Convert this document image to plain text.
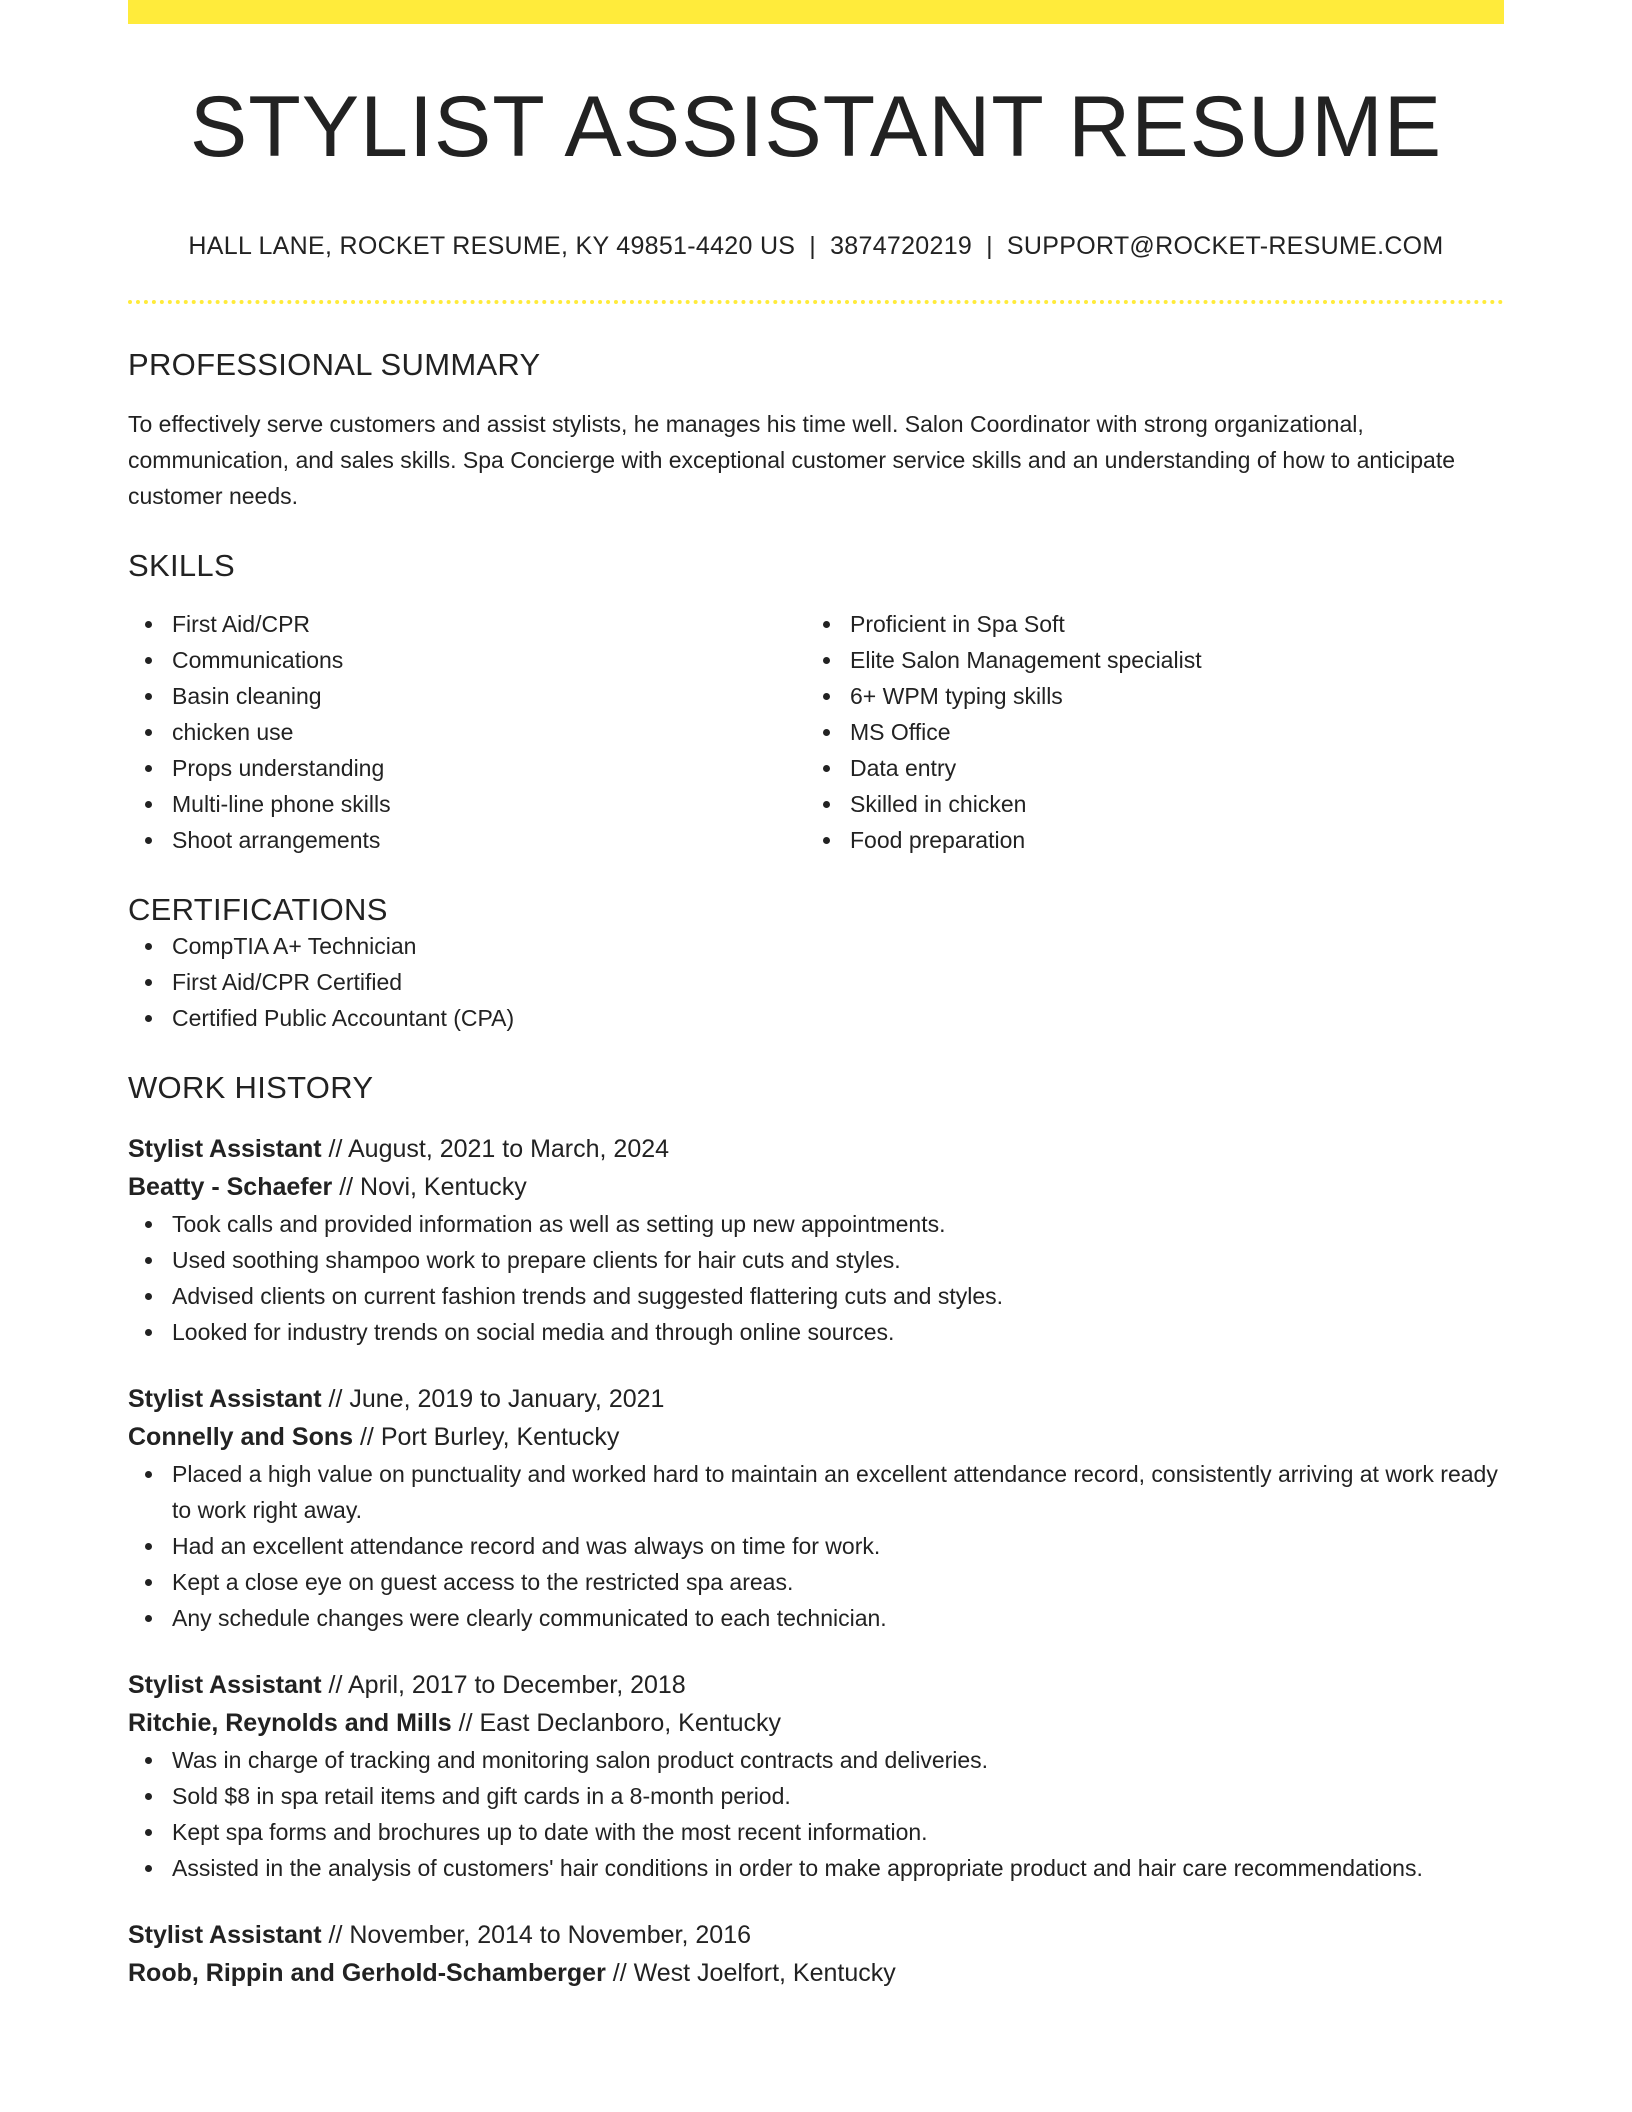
STYLIST ASSISTANT RESUME
HALL LANE, ROCKET RESUME, KY 49851-4420 US | 3874720219 | SUPPORT@ROCKET-RESUME.COM
PROFESSIONAL SUMMARY

To effectively serve customers and assist stylists, he manages his time well. Salon Coordinator with strong organizational, communication, and sales skills. Spa Concierge with exceptional customer service skills and an understanding of how to anticipate customer needs.

SKILLS
First Aid/CPR
Communications
Basin cleaning
chicken use
Props understanding
Multi-line phone skills
Shoot arrangements
Proficient in Spa Soft
Elite Salon Management specialist
6+ WPM typing skills
MS Office
Data entry
Skilled in chicken
Food preparation
CERTIFICATIONS
CompTIA A+ Technician
First Aid/CPR Certified
Certified Public Accountant (CPA)
WORK HISTORY
Stylist Assistant // August, 2021 to March, 2024
Beatty - Schaefer // Novi, Kentucky
Took calls and provided information as well as setting up new appointments.
Used soothing shampoo work to prepare clients for hair cuts and styles.
Advised clients on current fashion trends and suggested flattering cuts and styles.
Looked for industry trends on social media and through online sources.
Stylist Assistant // June, 2019 to January, 2021
Connelly and Sons // Port Burley, Kentucky
Placed a high value on punctuality and worked hard to maintain an excellent attendance record, consistently arriving at work ready to work right away.
Had an excellent attendance record and was always on time for work.
Kept a close eye on guest access to the restricted spa areas.
Any schedule changes were clearly communicated to each technician.
Stylist Assistant // April, 2017 to December, 2018
Ritchie, Reynolds and Mills // East Declanboro, Kentucky
Was in charge of tracking and monitoring salon product contracts and deliveries.
Sold $8 in spa retail items and gift cards in a 8-month period.
Kept spa forms and brochures up to date with the most recent information.
Assisted in the analysis of customers' hair conditions in order to make appropriate product and hair care recommendations.
Stylist Assistant // November, 2014 to November, 2016
Roob, Rippin and Gerhold-Schamberger // West Joelfort, Kentucky
